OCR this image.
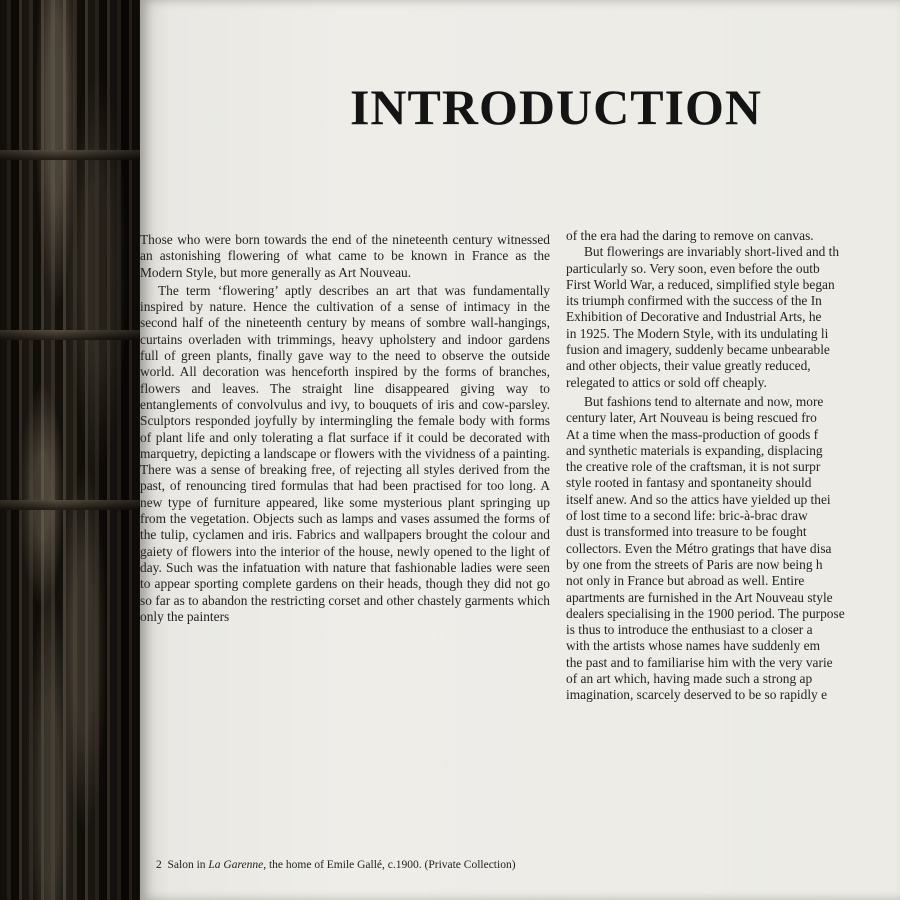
INTRODUCTION

Those who were born towards the end of the nineteenth century witnessed an astonishing flowering of what came to be known in France as the Modern Style, but more generally as Art Nouveau.

The term ‘flowering’ aptly describes an art that was fundamentally inspired by nature. Hence the cultivation of a sense of intimacy in the second half of the nineteenth century by means of sombre wall-hangings, curtains overladen with trimmings, heavy upholstery and indoor gardens full of green plants, finally gave way to the need to observe the outside world. All decoration was henceforth inspired by the forms of branches, flowers and leaves. The straight line disappeared giving way to entanglements of convolvulus and ivy, to bouquets of iris and cow-parsley. Sculptors responded joyfully by intermingling the female body with forms of plant life and only tolerating a flat surface if it could be decorated with marquetry, depicting a landscape or flowers with the vividness of a painting. There was a sense of breaking free, of rejecting all styles derived from the past, of renouncing tired formulas that had been practised for too long. A new type of furniture appeared, like some mysterious plant springing up from the vegetation. Objects such as lamps and vases assumed the forms of the tulip, cyclamen and iris. Fabrics and wallpapers brought the colour and gaiety of flowers into the interior of the house, newly opened to the light of day. Such was the infatuation with nature that fashionable ladies were seen to appear sporting complete gardens on their heads, though they did not go so far as to abandon the restricting corset and other chastely garments which only the painters

of the era had the daring to remove on canvas.
But flowerings are invariably short-lived and th
particularly so. Very soon, even before the outb
First World War, a reduced, simplified style began
its triumph confirmed with the success of the In
Exhibition of Decorative and Industrial Arts, he
in 1925. The Modern Style, with its undulating li
fusion and imagery, suddenly became unbearable
and other objects, their value greatly reduced,
relegated to attics or sold off cheaply.
But fashions tend to alternate and now, more
century later, Art Nouveau is being rescued fro
At a time when the mass-production of goods f
and synthetic materials is expanding, displacing
the creative role of the craftsman, it is not surpr
style rooted in fantasy and spontaneity should
itself anew. And so the attics have yielded up thei
of lost time to a second life: bric-à-brac draw
dust is transformed into treasure to be fought
collectors. Even the Métro gratings that have disa
by one from the streets of Paris are now being h
not only in France but abroad as well. Entire
apartments are furnished in the Art Nouveau style
dealers specialising in the 1900 period. The purpose
is thus to introduce the enthusiast to a closer a
with the artists whose names have suddenly em
the past and to familiarise him with the very varie
of an art which, having made such a strong ap
imagination, scarcely deserved to be so rapidly e
2 Salon in La Garenne, the home of Emile Gallé, c.1900. (Private Collection)
